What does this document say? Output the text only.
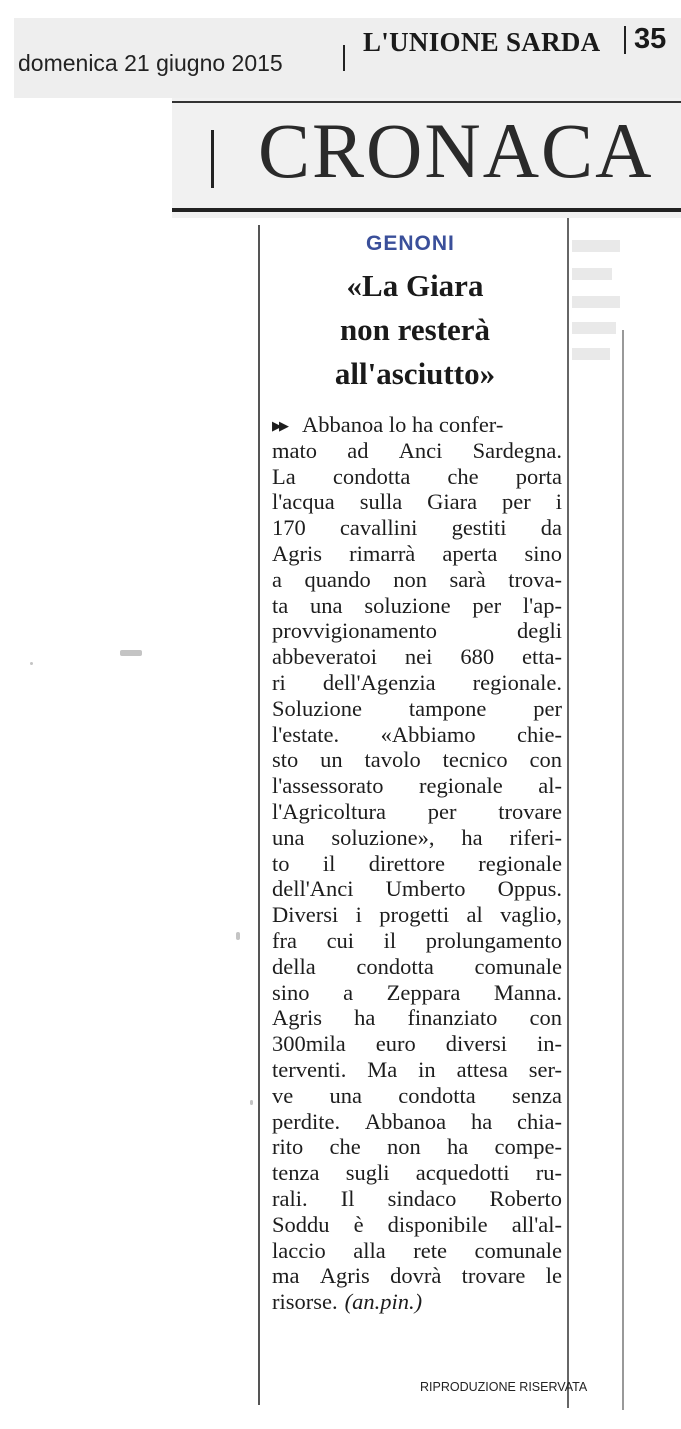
domenica 21 giugno 2015
L'UNIONE SARDA 35
CRONACA
GENONI
«La Giara
non resterà
all'asciutto»
▶▶ Abbanoa lo ha confer-
mato ad Anci Sardegna.
La condotta che porta
l'acqua sulla Giara per i
170 cavallini gestiti da
Agris rimarrà aperta sino
a quando non sarà trova-
ta una soluzione per l'ap-
provvigionamento	degli
abbeveratoi nei 680 etta-
ri dell'Agenzia regionale.
Soluzione tampone per
l'estate. «Abbiamo chie-
sto un tavolo tecnico con
l'assessorato regionale al-
l'Agricoltura per trovare
una soluzione», ha riferi-
to il direttore regionale
dell'Anci Umberto Oppus.
Diversi i progetti al vaglio,
fra cui il prolungamento
della condotta comunale
sino a Zeppara Manna.
Agris ha finanziato con
300mila euro diversi in-
terventi. Ma in attesa ser-
ve una condotta senza
perdite. Abbanoa ha chia-
rito che non ha compe-
tenza sugli acquedotti ru-
rali. Il sindaco Roberto
Soddu è disponibile all'al-
laccio alla rete comunale
ma Agris dovrà trovare le
risorse. (an.pin.)
RIPRODUZIONE RISERVATA
